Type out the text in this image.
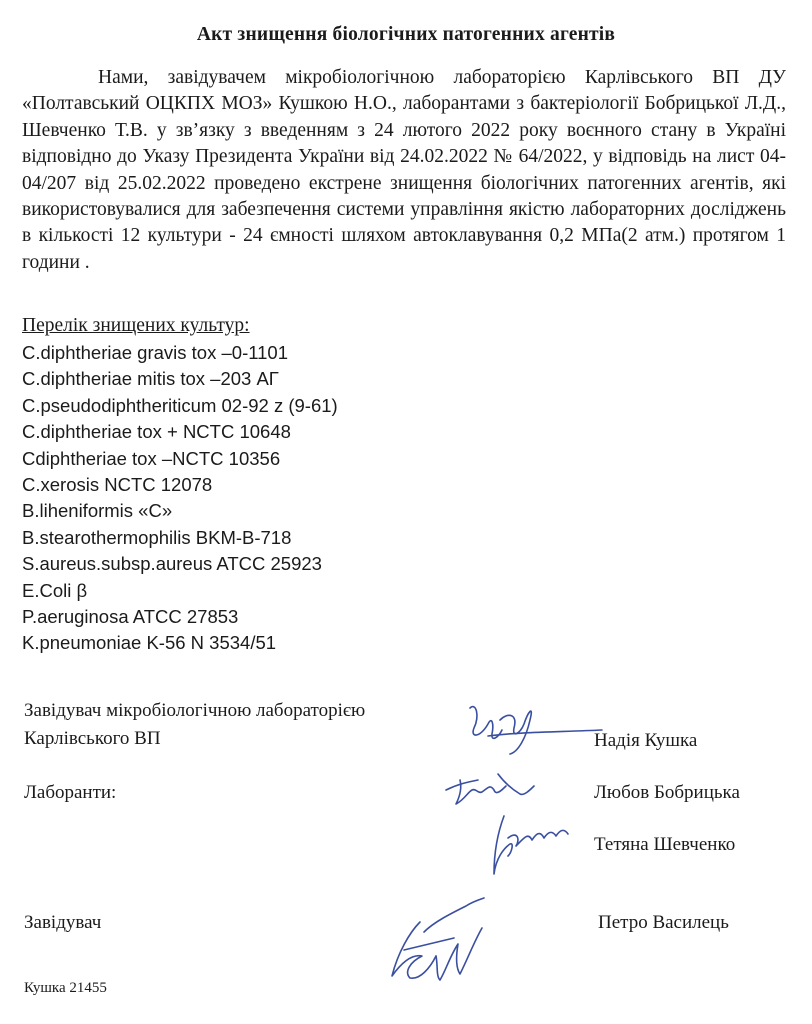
Акт знищення біологічних патогенних агентів

Нами, завідувачем мікробіологічною лабораторією Карлівського ВП ДУ «Полтавський ОЦКПХ МОЗ» Кушкою Н.О., лаборантами з бактеріології Бобрицької Л.Д., Шевченко Т.В. у зв’язку з введенням з 24 лютого 2022 року воєнного стану в Україні відповідно до Указу Президента України від 24.02.2022 № 64/2022, у відповідь на лист 04-04/207 від 25.02.2022 проведено екстрене знищення біологічних патогенних агентів, які використовувалися для забезпечення системи управління якістю лабораторних досліджень в кількості 12 культури - 24 ємності шляхом автоклавування 0,2 МПа(2 атм.) протягом 1 години .

Перелік знищених культур:
C.diphtheriae gravis tox –0-1101
C.diphtheriae mitis tox –203 АГ
C.pseudodiphtheriticum 02-92 z (9-61)
C.diphtheriae tox + NCTC 10648
Cdiphtheriae tox –NCTC 10356
C.xerosis NCTC 12078
B.liheniformis «C»
B.stearothermophilis BKM-B-718
S.aureus.subsp.aureus ATCC 25923
E.Coli β
P.aeruginosa ATCC 27853
K.pneumoniae K-56 N 3534/51
Завідувач мікробіологічною лабораторією
Карлівського ВП	Надія Кушка
Лаборанти:	Любов Бобрицька
Тетяна Шевченко
Завідувач	Петро Василець
Кушка 21455
